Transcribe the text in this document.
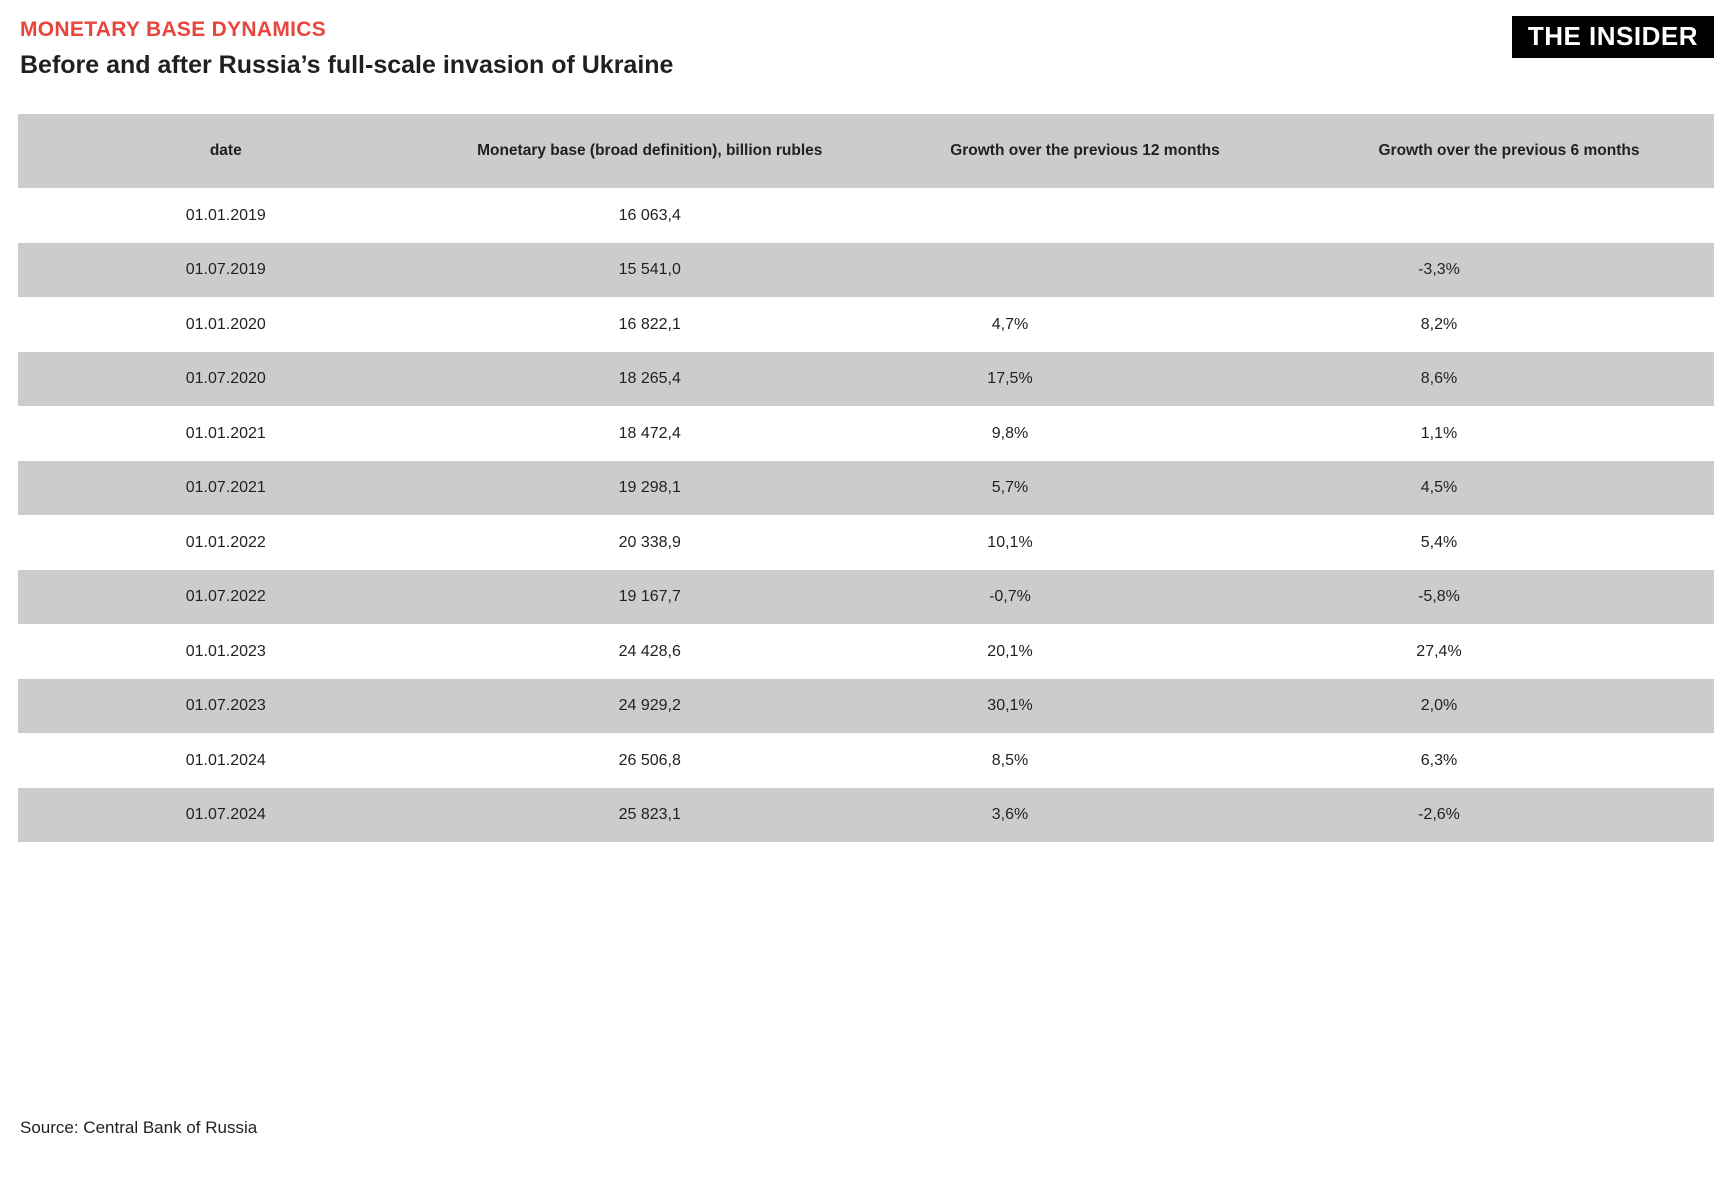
MONETARY BASE DYNAMICS
Before and after Russia’s full-scale invasion of Ukraine
THE INSIDER
date	Monetary base (broad definition), billion rubles	Growth over the previous 12 months	Growth over the previous 6 months
01.01.2019	16 063,4		
01.07.2019	15 541,0		-3,3%
01.01.2020	16 822,1	4,7%	8,2%
01.07.2020	18 265,4	17,5%	8,6%
01.01.2021	18 472,4	9,8%	1,1%
01.07.2021	19 298,1	5,7%	4,5%
01.01.2022	20 338,9	10,1%	5,4%
01.07.2022	19 167,7	-0,7%	-5,8%
01.01.2023	24 428,6	20,1%	27,4%
01.07.2023	24 929,2	30,1%	2,0%
01.01.2024	26 506,8	8,5%	6,3%
01.07.2024	25 823,1	3,6%	-2,6%
Source: Central Bank of Russia
